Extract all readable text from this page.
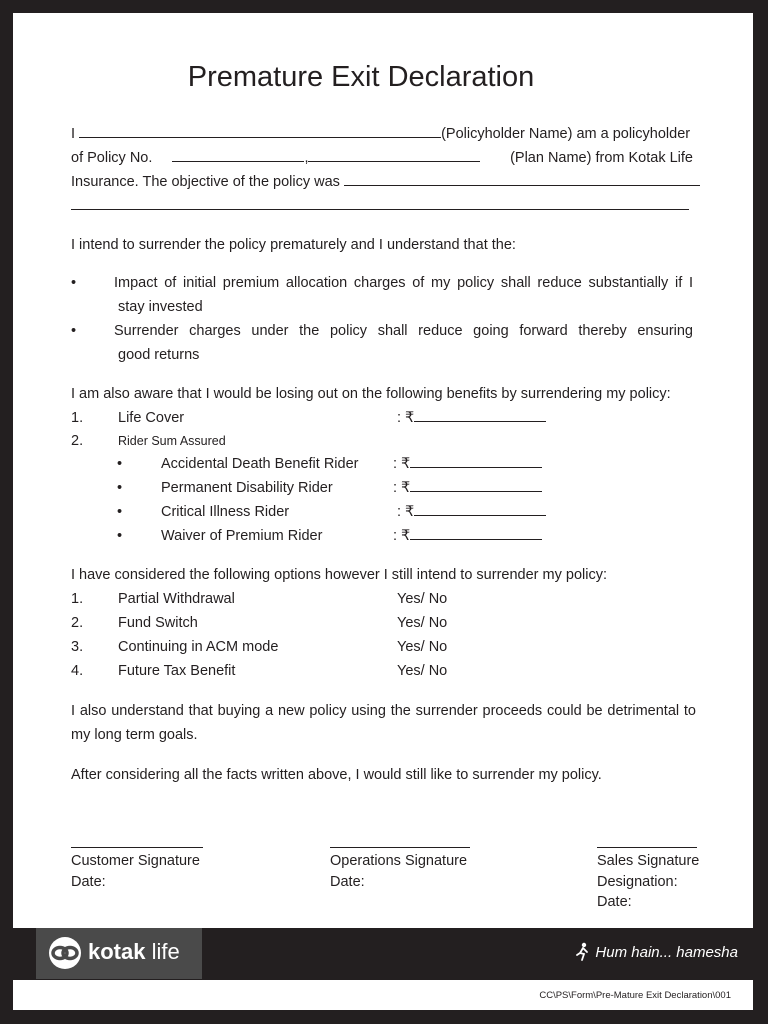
Premature Exit Declaration
I	(Policyholder Name) am a policyholder
of Policy No.	,	(Plan Name) from Kotak Life
Insurance. The objective of the policy was
I intend to surrender the policy prematurely and I understand that the:
•	Impact of initial premium allocation charges of my policy shall reduce substantially if I
stay invested
•	Surrender charges under the policy shall reduce going forward thereby ensuring
good returns
I am also aware that I would be losing out on the following benefits by surrendering my policy:
1. Life Cover	: ₹
2.	Rider Sum Assured
•	Accidental Death Benefit Rider : ₹
•	Permanent Disability Rider	: ₹
•	Critical Illness Rider	: ₹
•	Waiver of Premium Rider	: ₹
I have considered the following options however I still intend to surrender my policy:
1. Partial Withdrawal	Yes/ No
2. Fund Switch	Yes/ No
3. Continuing in ACM mode	Yes/ No
4. Future Tax Benefit	Yes/ No
I also understand that buying a new policy using the surrender proceeds could be detrimental to
my long term goals.
After considering all the facts written above, I would still like to surrender my policy.
Customer Signature
Date:
Operations Signature
Date:
Sales Signature
Designation:
Date:
kotak life	Hum hain... hamesha
CC\PS\Form\Pre-Mature Exit Declaration\001
